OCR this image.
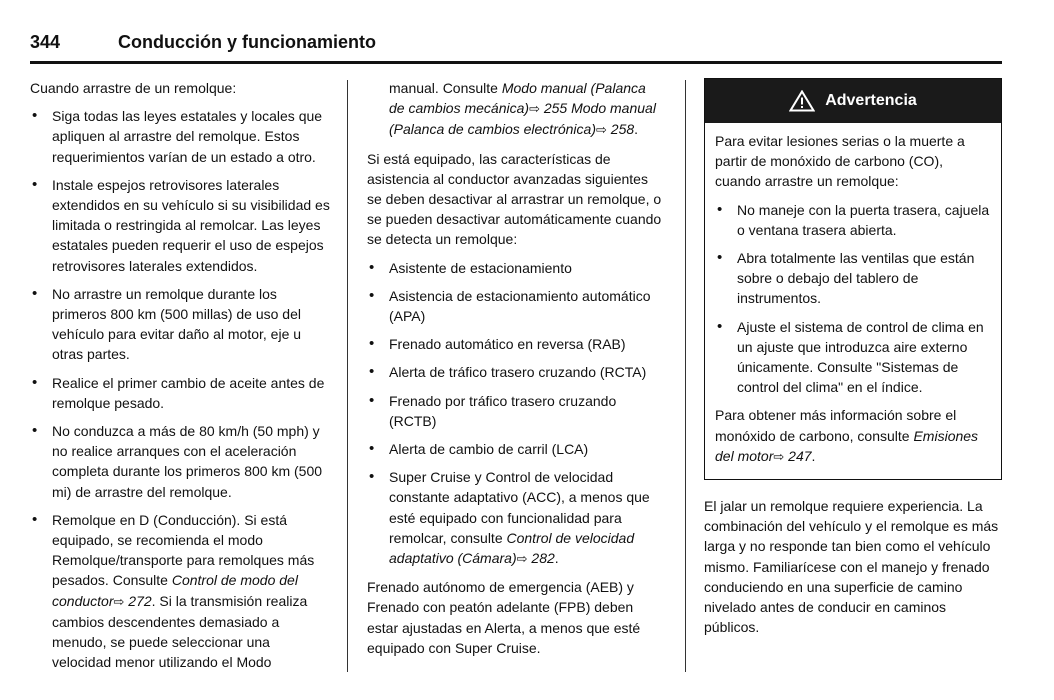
344	Conducción y funcionamiento

Cuando arrastre de un remolque:

• Siga todas las leyes estatales y locales que apliquen al arrastre del remolque. Estos requerimientos varían de un estado a otro.
• Instale espejos retrovisores laterales extendidos en su vehículo si su visibilidad es limitada o restringida al remolcar. Las leyes estatales pueden requerir el uso de espejos retrovisores laterales extendidos.
• No arrastre un remolque durante los primeros 800 km (500 millas) de uso del vehículo para evitar daño al motor, eje u otras partes.
• Realice el primer cambio de aceite antes de remolque pesado.
• No conduzca a más de 80 km/h (50 mph) y no realice arranques con el aceleración completa durante los primeros 800 km (500 mi) de arrastre del remolque.
• Remolque en D (Conducción). Si está equipado, se recomienda el modo Remolque/transporte para remolques más pesados. Consulte Control de modo del conductor⇨ 272. Si la transmisión realiza cambios descendentes demasiado a menudo, se puede seleccionar una velocidad menor utilizando el Modo
manual. Consulte Modo manual (Palanca de cambios mecánica)⇨ 255 Modo manual (Palanca de cambios electrónica)⇨ 258.

Si está equipado, las características de asistencia al conductor avanzadas siguientes se deben desactivar al arrastrar un remolque, o se pueden desactivar automáticamente cuando se detecta un remolque:

• Asistente de estacionamiento
• Asistencia de estacionamiento automático (APA)
• Frenado automático en reversa (RAB)
• Alerta de tráfico trasero cruzando (RCTA)
• Frenado por tráfico trasero cruzando (RCTB)
• Alerta de cambio de carril (LCA)
• Super Cruise y Control de velocidad constante adaptativo (ACC), a menos que esté equipado con funcionalidad para remolcar, consulte Control de velocidad adaptativo (Cámara)⇨ 282.

Frenado autónomo de emergencia (AEB) y Frenado con peatón adelante (FPB) deben estar ajustadas en Alerta, a menos que esté equipado con Super Cruise.

Advertencia

Para evitar lesiones serias o la muerte a partir de monóxido de carbono (CO), cuando arrastre un remolque:

• No maneje con la puerta trasera, cajuela o ventana trasera abierta.
• Abra totalmente las ventilas que están sobre o debajo del tablero de instrumentos.
• Ajuste el sistema de control de clima en un ajuste que introduzca aire externo únicamente. Consulte "Sistemas de control del clima" en el índice.

Para obtener más información sobre el monóxido de carbono, consulte Emisiones del motor⇨ 247.

El jalar un remolque requiere experiencia. La combinación del vehículo y el remolque es más larga y no responde tan bien como el vehículo mismo. Familiarícese con el manejo y frenado conduciendo en una superficie de camino nivelado antes de conducir en caminos públicos.
